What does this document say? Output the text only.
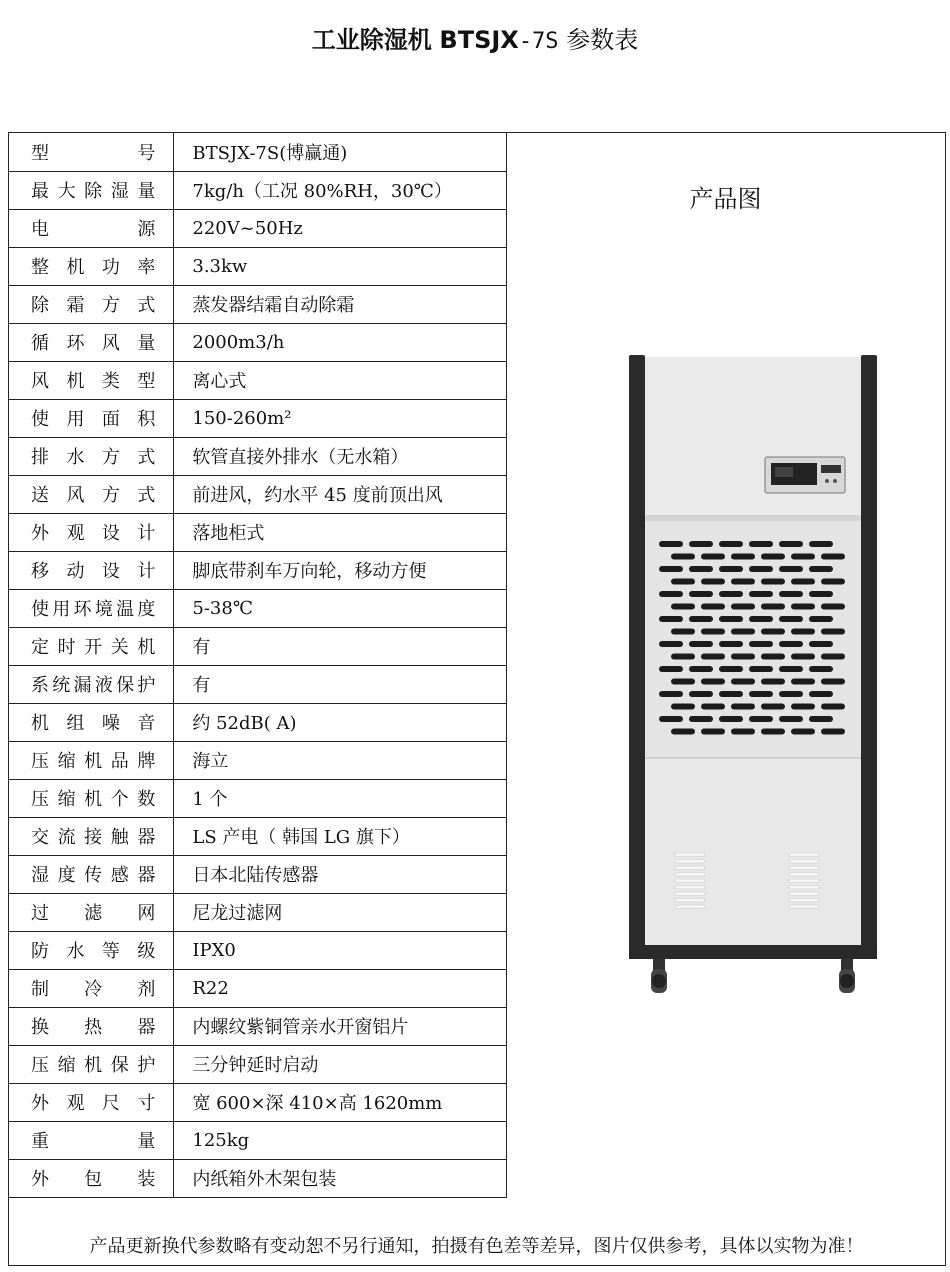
工业除湿机 BTSJX-7S 参数表
型号	BTSJX-7S(博赢通)
最大除湿量	7kg/h（工况 80%RH，30℃）
电源	220V~50Hz
整机功率	3.3kw
除霜方式	蒸发器结霜自动除霜
循环风量	2000m3/h
风机类型	离心式
使用面积	150-260m²
排水方式	软管直接外排水（无水箱）
送风方式	前进风，约水平 45 度前顶出风
外观设计	落地柜式
移动设计	脚底带刹车万向轮，移动方便
使用环境温度	5-38℃
定时开关机	有
系统漏液保护	有
机组噪音	约 52dB( A)
压缩机品牌	海立
压缩机个数	1 个
交流接触器	LS 产电（ 韩国 LG 旗下）
湿度传感器	日本北陆传感器
过滤网	尼龙过滤网
防水等级	IPX0
制冷剂	R22
换热器	内螺纹紫铜管亲水开窗铝片
压缩机保护	三分钟延时启动
外观尺寸	宽 600×深 410×高 1620mm
重量	125kg
外包装	内纸箱外木架包装
产品图
产品更新换代参数略有变动恕不另行通知，拍摄有色差等差异，图片仅供参考，具体以实物为准！
